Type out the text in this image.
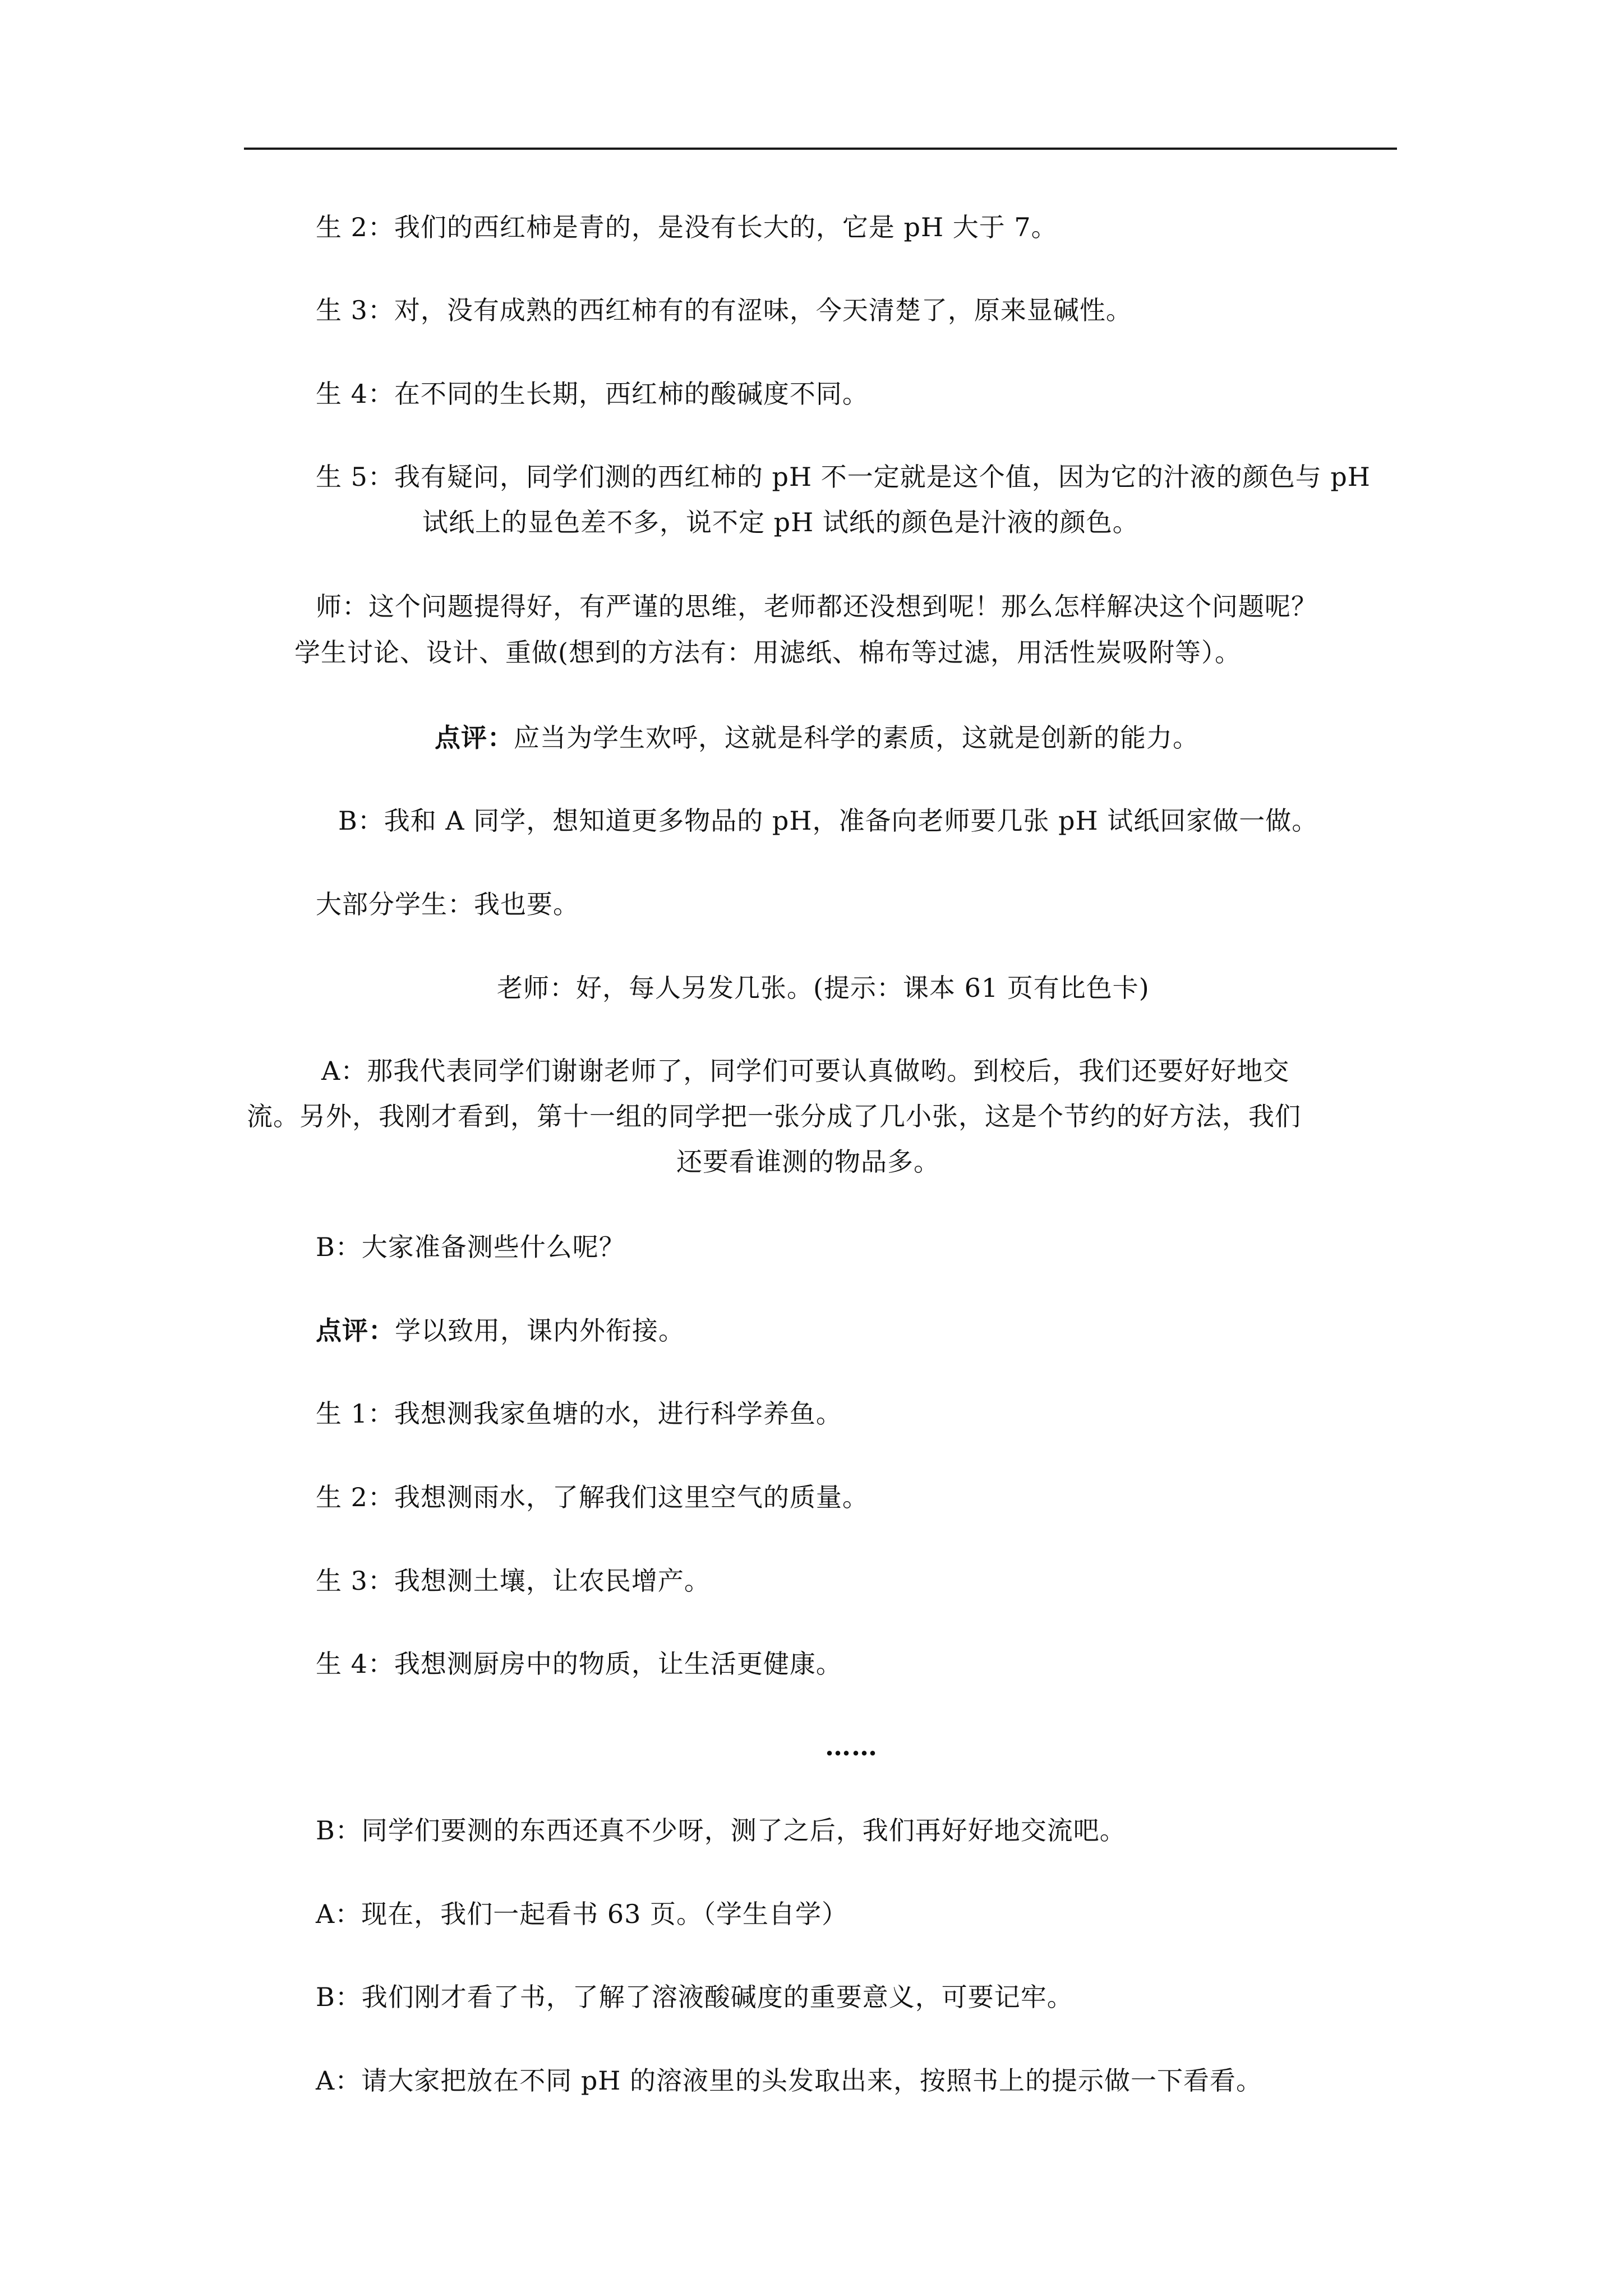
生 2：我们的西红柿是青的，是没有长大的，它是 pH 大于 7。
生 3：对，没有成熟的西红柿有的有涩味，今天清楚了，原来显碱性。
生 4：在不同的生长期，西红柿的酸碱度不同。
生 5：我有疑问，同学们测的西红柿的 pH 不一定就是这个值，因为它的汁液的颜色与 pH
试纸上的显色差不多，说不定 pH 试纸的颜色是汁液的颜色。
师：这个问题提得好，有严谨的思维，老师都还没想到呢！那么怎样解决这个问题呢？
学生讨论、设计、重做(想到的方法有：用滤纸、棉布等过滤，用活性炭吸附等）。
点评：应当为学生欢呼，这就是科学的素质，这就是创新的能力。
B：我和 A 同学，想知道更多物品的 pH，准备向老师要几张 pH 试纸回家做一做。
大部分学生：我也要。
老师：好，每人另发几张。(提示：课本 61 页有比色卡)
A：那我代表同学们谢谢老师了，同学们可要认真做哟。到校后，我们还要好好地交
流。另外，我刚才看到，第十一组的同学把一张分成了几小张，这是个节约的好方法，我们
还要看谁测的物品多。
B：大家准备测些什么呢？
点评：学以致用，课内外衔接。
生 1：我想测我家鱼塘的水，进行科学养鱼。
生 2：我想测雨水，了解我们这里空气的质量。
生 3：我想测土壤，让农民增产。
生 4：我想测厨房中的物质，让生活更健康。
……
B：同学们要测的东西还真不少呀，测了之后，我们再好好地交流吧。
A：现在，我们一起看书 63 页。（学生自学）
B：我们刚才看了书，了解了溶液酸碱度的重要意义，可要记牢。
A：请大家把放在不同 pH 的溶液里的头发取出来，按照书上的提示做一下看看。
